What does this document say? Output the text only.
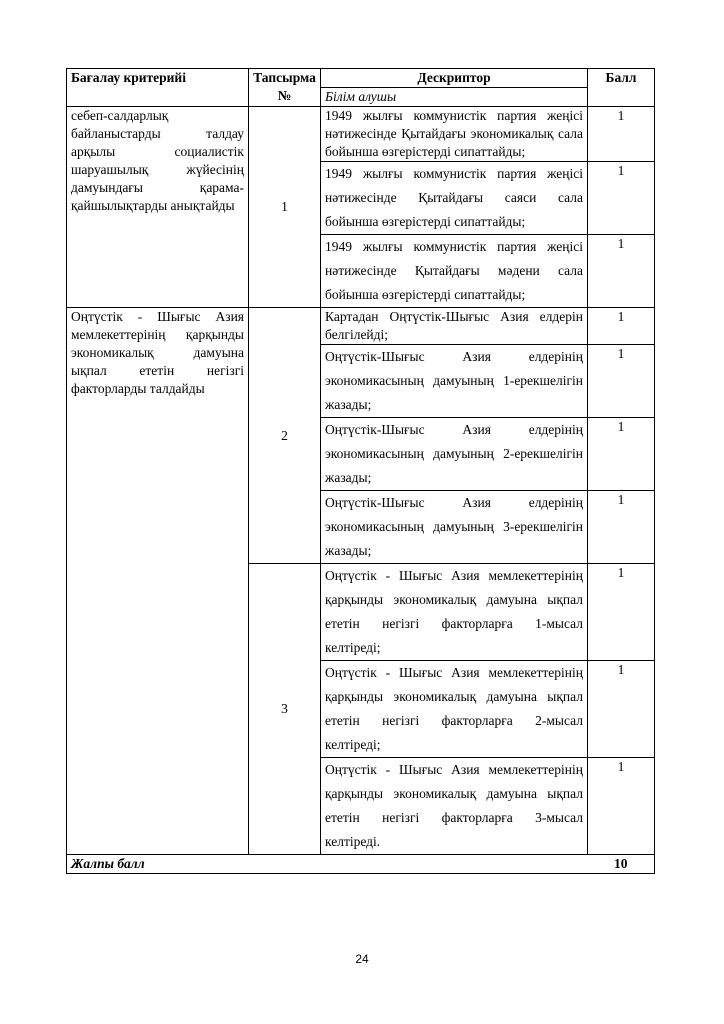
Бағалау критерийі	Тапсырма №	Дескриптор	Балл
		Білім алушы	
себеп-салдарлық байланыстарды талдау арқылы социалистік шаруашылық жүйесінің дамуындағы қарама-қайшылықтарды анықтайды	1	1949 жылғы коммунистік партия жеңісі нәтижесінде Қытайдағы экономикалық сала бойынша өзгерістерді сипаттайды;	1
		1949 жылғы коммунистік партия жеңісі нәтижесінде Қытайдағы саяси сала бойынша өзгерістерді сипаттайды;	1
		1949 жылғы коммунистік партия жеңісі нәтижесінде Қытайдағы мәдени сала бойынша өзгерістерді сипаттайды;	1
Оңтүстік - Шығыс Азия мемлекеттерінің қарқынды экономикалық дамуына ықпал ететін негізгі факторларды талдайды	2	Картадан Оңтүстік-Шығыс Азия елдерін белгілейді;	1
		Оңтүстік-Шығыс Азия елдерінің экономикасының дамуының 1-ерекшелігін жазады;	1
		Оңтүстік-Шығыс Азия елдерінің экономикасының дамуының 2-ерекшелігін жазады;	1
		Оңтүстік-Шығыс Азия елдерінің экономикасының дамуының 3-ерекшелігін жазады;	1
	3	Оңтүстік - Шығыс Азия мемлекеттерінің қарқынды экономикалық дамуына ықпал ететін негізгі факторларға 1-мысал келтіреді;	1
		Оңтүстік - Шығыс Азия мемлекеттерінің қарқынды экономикалық дамуына ықпал ететін негізгі факторларға 2-мысал келтіреді;	1
		Оңтүстік - Шығыс Азия мемлекеттерінің қарқынды экономикалық дамуына ықпал ететін негізгі факторларға 3-мысал келтіреді.	1
Жалпы балл			10
24
